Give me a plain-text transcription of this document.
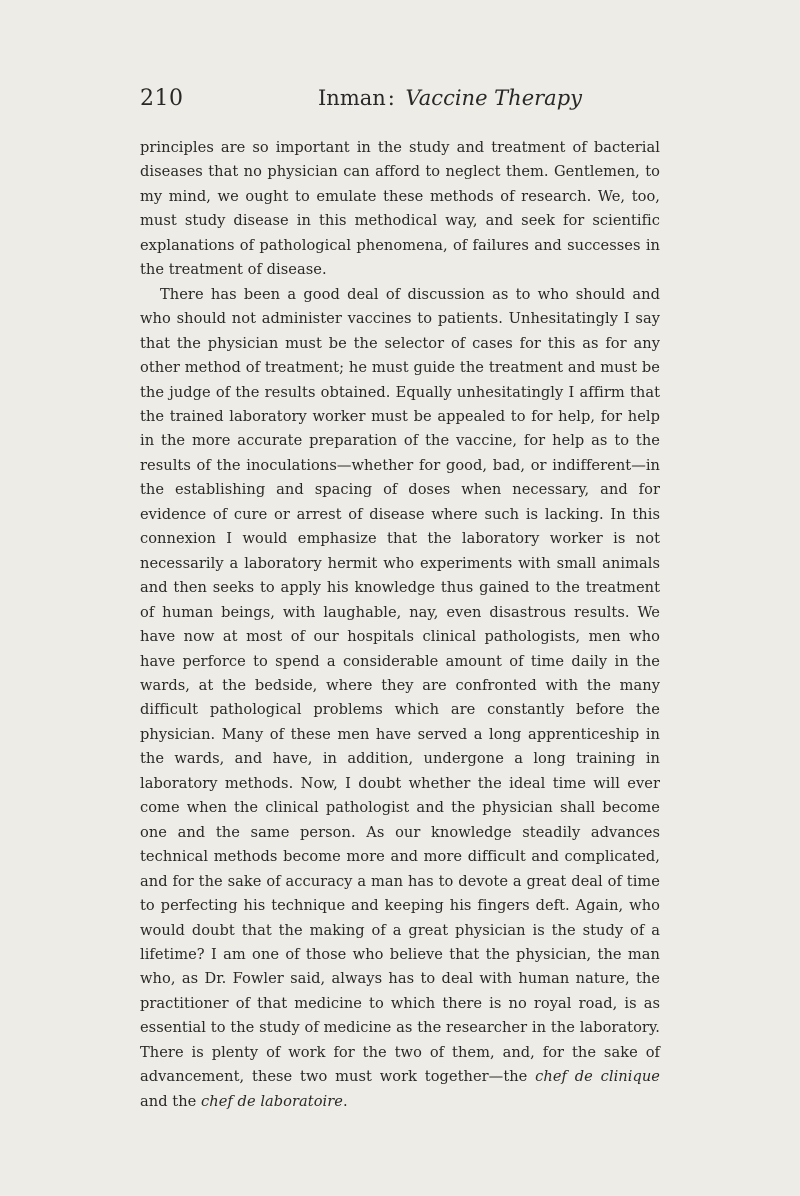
210	Inman: Vaccine Therapy

principles are so important in the study and treatment of bacterial diseases that no physician can afford to neglect them. Gentlemen, to my mind, we ought to emulate these methods of research. We, too, must study disease in this methodical way, and seek for scientific explanations of pathological phenomena, of failures and successes in the treatment of disease.

There has been a good deal of discussion as to who should and who should not administer vaccines to patients. Unhesitatingly I say that the physician must be the selector of cases for this as for any other method of treatment; he must guide the treatment and must be the judge of the results obtained. Equally unhesitatingly I affirm that the trained laboratory worker must be appealed to for help, for help in the more accurate preparation of the vaccine, for help as to the results of the inoculations—whether for good, bad, or indifferent—in the establishing and spacing of doses when necessary, and for evidence of cure or arrest of disease where such is lacking. In this connexion I would emphasize that the laboratory worker is not necessarily a laboratory hermit who experiments with small animals and then seeks to apply his knowledge thus gained to the treatment of human beings, with laughable, nay, even disastrous results. We have now at most of our hospitals clinical pathologists, men who have perforce to spend a considerable amount of time daily in the wards, at the bedside, where they are confronted with the many difficult pathological problems which are constantly before the physician. Many of these men have served a long apprenticeship in the wards, and have, in addition, undergone a long training in laboratory methods. Now, I doubt whether the ideal time will ever come when the clinical pathologist and the physician shall become one and the same person. As our knowledge steadily advances technical methods become more and more difficult and complicated, and for the sake of accuracy a man has to devote a great deal of time to perfecting his technique and keeping his fingers deft. Again, who would doubt that the making of a great physician is the study of a lifetime? I am one of those who believe that the physician, the man who, as Dr. Fowler said, always has to deal with human nature, the practitioner of that medicine to which there is no royal road, is as essential to the study of medicine as the researcher in the laboratory. There is plenty of work for the two of them, and, for the sake of advancement, these two must work together—the chef de clinique and the chef de laboratoire.
